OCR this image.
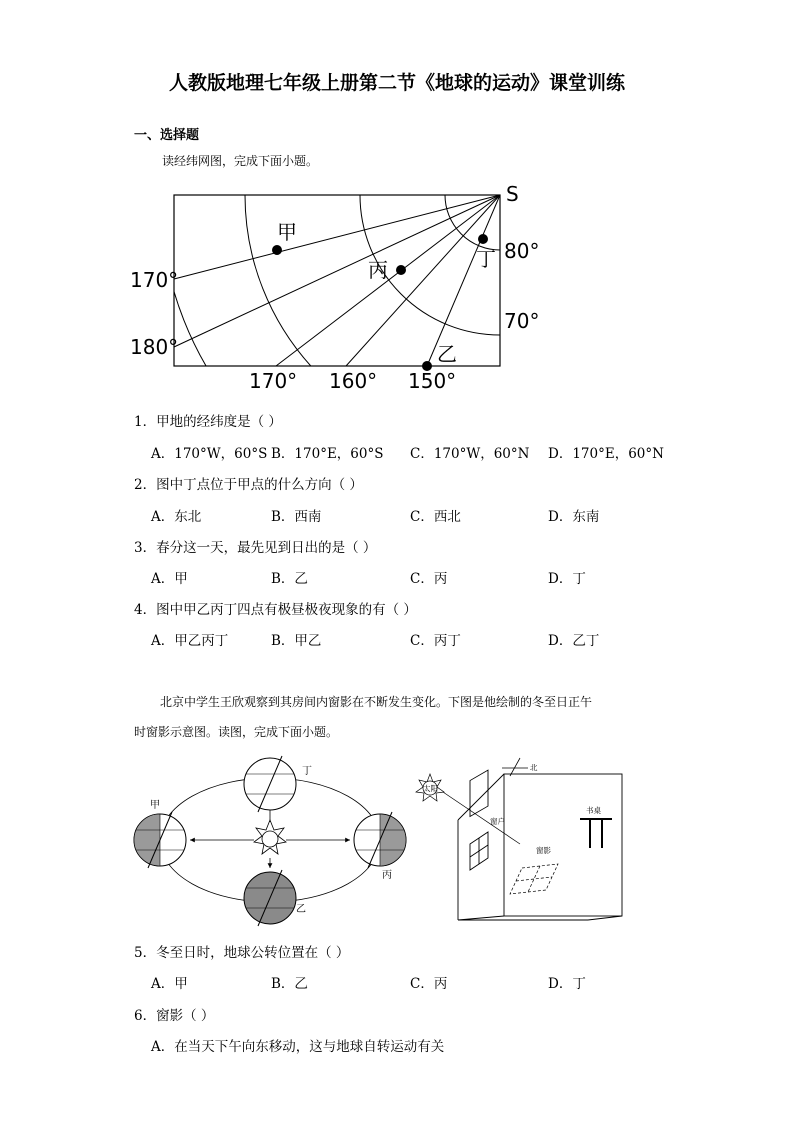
人教版地理七年级上册第二节《地球的运动》课堂训练
一、选择题
读经纬网图，完成下面小题。
甲
丙	丁
乙
S
80°
70°
170°
180°
170° 160° 150°
1．甲地的经纬度是（ ）
A．170°W，60°S B．170°E，60°S C．170°W，60°N D．170°E，60°N
2．图中丁点位于甲点的什么方向（ ）
A．东北	B．西南	C．西北	D．东南
3．春分这一天，最先见到日出的是（ ）
A．甲	B．乙	C．丙	D．丁
4．图中甲乙丙丁四点有极昼极夜现象的有（ ）
A．甲乙丙丁	B．甲乙	C．丙丁	D．乙丁
北京中学生王欣观察到其房间内窗影在不断发生变化。下图是他绘制的冬至日正午
时窗影示意图。读图，完成下面小题。
甲
乙
丙
丁	北
太阳
窗户
窗影
书桌
5．冬至日时，地球公转位置在（ ）
A．甲	B．乙	C．丙	D．丁
6．窗影（ ）
A．在当天下午向东移动，这与地球自转运动有关
